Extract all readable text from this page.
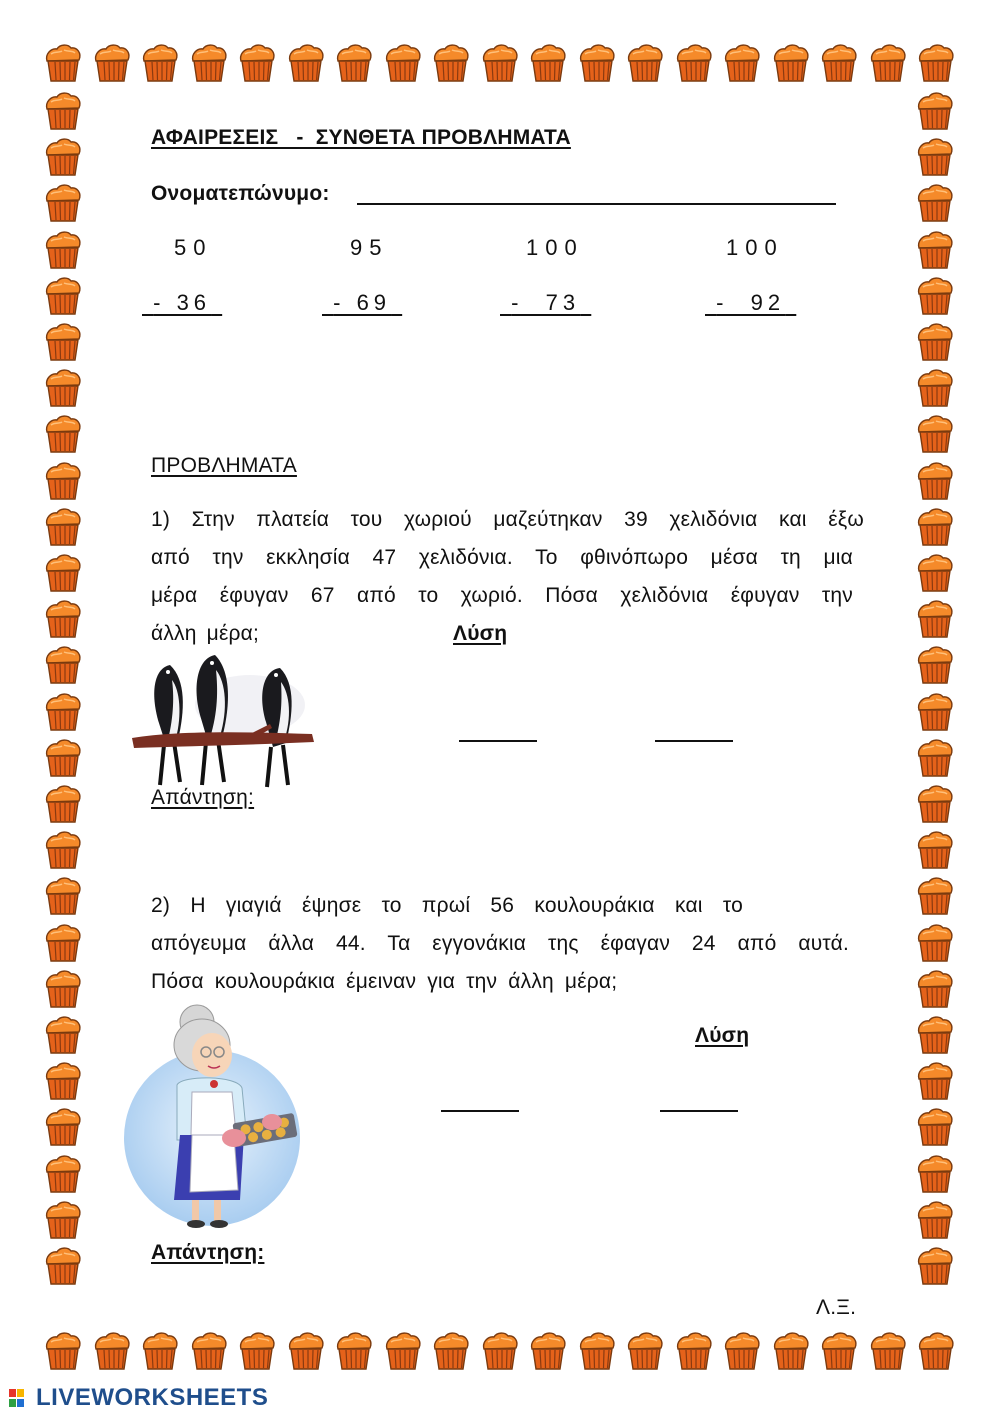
ΑΦΑΙΡΕΣΕΙΣ   -  ΣΥΝΘΕΤΑ ΠΡΟΒΛΗΜΑΤΑ
Ονοματεπώνυμο:
50
- 36
95
- 69
100
-  73
100
-  92
ΠΡΟΒΛΗΜΑΤΑ
1) Στην πλατεία του χωριού μαζεύτηκαν 39 χελιδόνια και έξω
από την εκκλησία 47 χελιδόνια. Το φθινόπωρο μέσα τη μια
μέρα έφυγαν 67 από το χωριό. Πόσα χελιδόνια έφυγαν την
άλλη μέρα;	Λύση
Απάντηση:
2) Η γιαγιά έψησε το πρωί 56 κουλουράκια και το
απόγευμα άλλα 44. Τα εγγονάκια της έφαγαν 24 από αυτά.
Πόσα κουλουράκια έμειναν για την άλλη μέρα;
Λύση
Απάντηση:
Λ.Ξ.
LIVEWORKSHEETS
